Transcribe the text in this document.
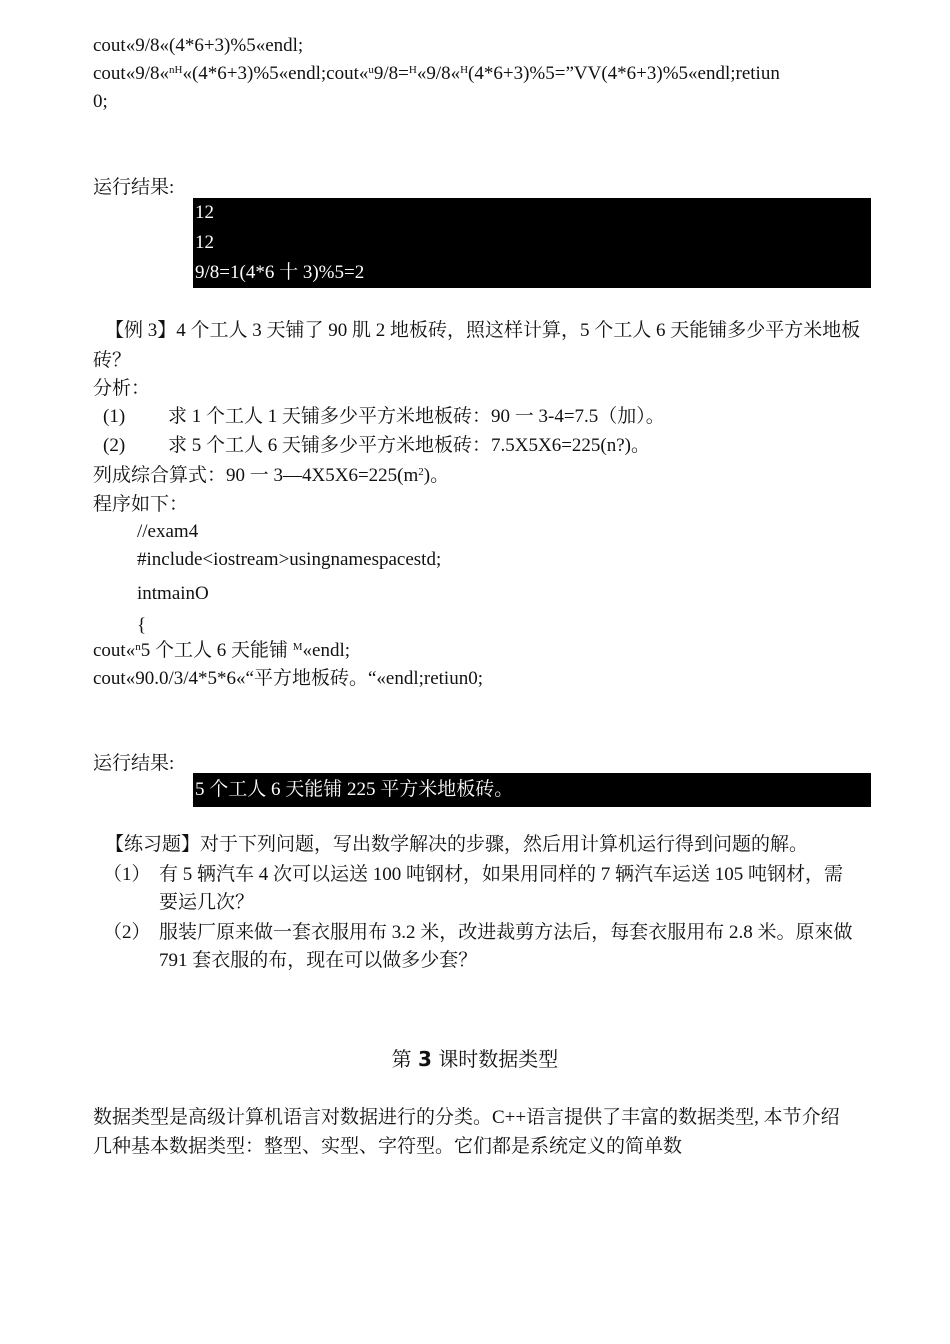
cout«9/8«(4*6+3)%5«endl;
cout«9/8«$^{nH}$«(4*6+3)%5«endl;cout«$^u$9/8=$^H$«9/8«$^H$(4*6+3)%5=”VV(4*6+3)%5«endl;retiun
0;
运行结果:
12
12
9/8=1(4*6 十 3)%5=2
【例 3】4 个工人 3 天铺了 90 肌 2 地板砖，照这样计算，5 个工人 6 天能铺多少平方米地板
砖？
分析：
(1) 求 1 个工人 1 天铺多少平方米地板砖：90 一 3-4=7.5（加）。
(2) 求 5 个工人 6 天铺多少平方米地板砖：7.5X5X6=225(n?)。
列成综合算式：90 一 $3—4X5X6=225(m^2)$。
程序如下：
//exam4
#include<iostream>usingnamespacestd;
intmainO
{
cout«$^n$5 个工人 6 天能铺 $^M$«endl;
cout«90.0/3/4*5*6«“平方地板砖。“«endl;retiun0;
运行结果:
5 个工人 6 天能铺 225 平方米地板砖。
【练习题】对于下列问题，写出数学解决的步骤，然后用计算机运行得到问题的解。
（1） 有 5 辆汽车 4 次可以运送 100 吨钢材，如果用同样的 7 辆汽车运送 105 吨钢材，需
要运几次？
（2） 服装厂原来做一套衣服用布 3.2 米，改进裁剪方法后，每套衣服用布 2.8 米。原來做
791 套衣服的布，现在可以做多少套？
第 3 课时数据类型
数据类型是高级计算机语言对数据进行的分类。C++语言提供了丰富的数据类型, 本节介绍
几种基本数据类型：整型、实型、字符型。它们都是系统定义的简单数
